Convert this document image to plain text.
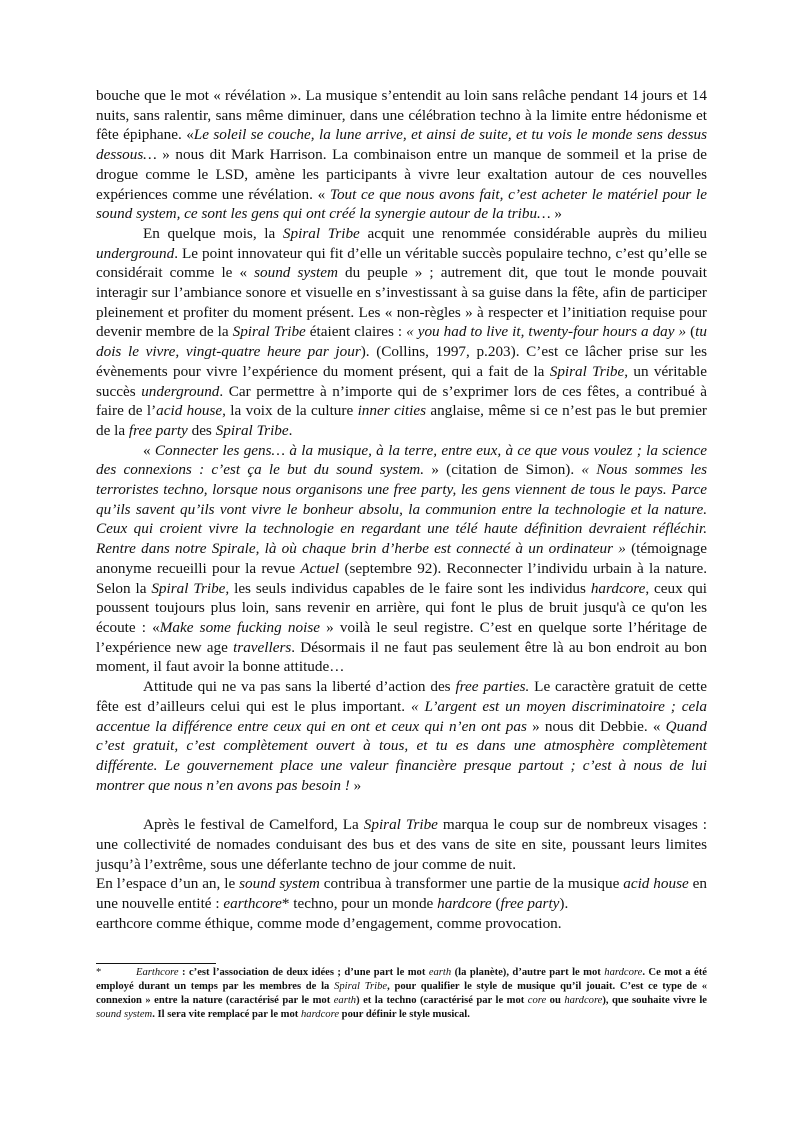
bouche que le mot « révélation ». La musique s’entendit au loin sans relâche pendant 14 jours et 14 nuits, sans ralentir, sans même diminuer, dans une célébration techno à la limite entre hédonisme et fête épiphane. «Le soleil se couche, la lune arrive, et ainsi de suite, et tu vois le monde sens dessus dessous… » nous dit Mark Harrison. La combinaison entre un manque de sommeil et la prise de drogue comme le LSD, amène les participants à vivre leur exaltation autour de ces nouvelles expériences comme une révélation. « Tout ce que nous avons fait, c’est acheter le matériel pour le sound system, ce sont les gens qui ont créé la synergie autour de la tribu… »

En quelque mois, la Spiral Tribe acquit une renommée considérable auprès du milieu underground. Le point innovateur qui fit d’elle un véritable succès populaire techno, c’est qu’elle se considérait comme le « sound system du peuple » ; autrement dit, que tout le monde pouvait interagir sur l’ambiance sonore et visuelle en s’investissant à sa guise dans la fête, afin de participer pleinement et profiter du moment présent. Les « non-règles » à respecter et l’initiation requise pour devenir membre de la Spiral Tribe étaient claires : « you had to live it, twenty-four hours a day » (tu dois le vivre, vingt-quatre heure par jour). (Collins, 1997, p.203). C’est ce lâcher prise sur les évènements pour vivre l’expérience du moment présent, qui a fait de la Spiral Tribe, un véritable succès underground. Car permettre à n’importe qui de s’exprimer lors de ces fêtes, a contribué à faire de l’acid house, la voix de la culture inner cities anglaise, même si ce n’est pas le but premier de la free party des Spiral Tribe.

« Connecter les gens… à la musique, à la terre, entre eux, à ce que vous voulez ; la science des connexions : c’est ça le but du sound system. » (citation de Simon). « Nous sommes les terroristes techno, lorsque nous organisons une free party, les gens viennent de tous le pays. Parce qu’ils savent qu’ils vont vivre le bonheur absolu, la communion entre la technologie et la nature. Ceux qui croient vivre la technologie en regardant une télé haute définition devraient réfléchir. Rentre dans notre Spirale, là où chaque brin d’herbe est connecté à un ordinateur » (témoignage anonyme recueilli pour la revue Actuel (septembre 92). Reconnecter l’individu urbain à la nature. Selon la Spiral Tribe, les seuls individus capables de le faire sont les individus hardcore, ceux qui poussent toujours plus loin, sans revenir en arrière, qui font le plus de bruit jusqu'à ce qu'on les écoute : «Make some fucking noise » voilà le seul registre. C’est en quelque sorte l’héritage de l’expérience new age travellers. Désormais il ne faut pas seulement être là au bon endroit au bon moment, il faut avoir la bonne attitude…

Attitude qui ne va pas sans la liberté d’action des free parties. Le caractère gratuit de cette fête est d’ailleurs celui qui est le plus important. « L’argent est un moyen discriminatoire ; cela accentue la différence entre ceux qui en ont et ceux qui n’en ont pas » nous dit Debbie. « Quand c’est gratuit, c’est complètement ouvert à tous, et tu es dans une atmosphère complètement différente. Le gouvernement place une valeur financière presque partout ; c’est à nous de lui montrer que nous n’en avons pas besoin ! »

Après le festival de Camelford, La Spiral Tribe marqua le coup sur de nombreux visages : une collectivité de nomades conduisant des bus et des vans de site en site, poussant leurs limites jusqu’à l’extrême, sous une déferlante techno de jour comme de nuit.

En l’espace d’un an, le sound system contribua à transformer une partie de la musique acid house en une nouvelle entité : earthcore* techno, pour un monde hardcore (free party).

earthcore comme éthique, comme mode d’engagement, comme provocation.

*	Earthcore : c’est l’association de deux idées ; d’une part le mot earth (la planète), d’autre part le mot hardcore. Ce mot a été employé durant un temps par les membres de la Spiral Tribe, pour qualifier le style de musique qu’il jouait. C’est ce type de « connexion » entre la nature (caractérisé par le mot earth) et la techno (caractérisé par le mot core ou hardcore), que souhaite vivre le sound system. Il sera vite remplacé par le mot hardcore pour définir le style musical.
